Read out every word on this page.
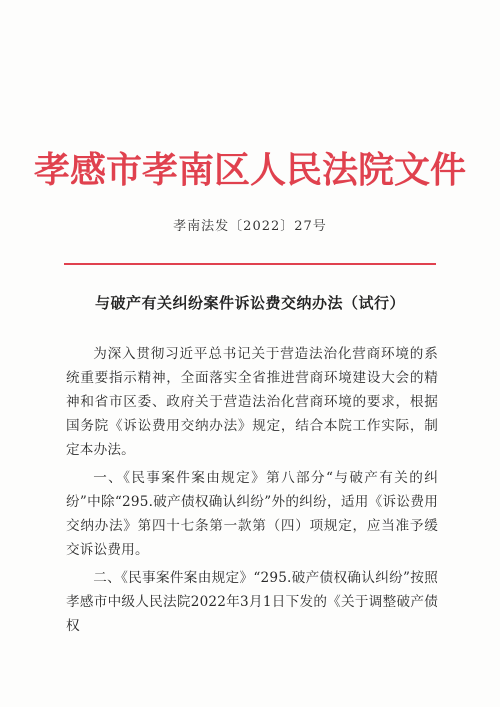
孝感市孝南区人民法院文件
孝南法发〔2022〕27号
与破产有关纠纷案件诉讼费交纳办法（试行）

为深入贯彻习近平总书记关于营造法治化营商环境的系统重要指示精神，全面落实全省推进营商环境建设大会的精神和省市区委、政府关于营造法治化营商环境的要求，根据国务院《诉讼费用交纳办法》规定，结合本院工作实际，制定本办法。

一、《民事案件案由规定》第八部分“与破产有关的纠纷”中除“295.破产债权确认纠纷”外的纠纷，适用《诉讼费用交纳办法》第四十七条第一款第（四）项规定，应当准予缓交诉讼费用。

二、《民事案件案由规定》“295.破产债权确认纠纷”按照孝感市中级人民法院2022年3月1日下发的《关于调整破产债权
